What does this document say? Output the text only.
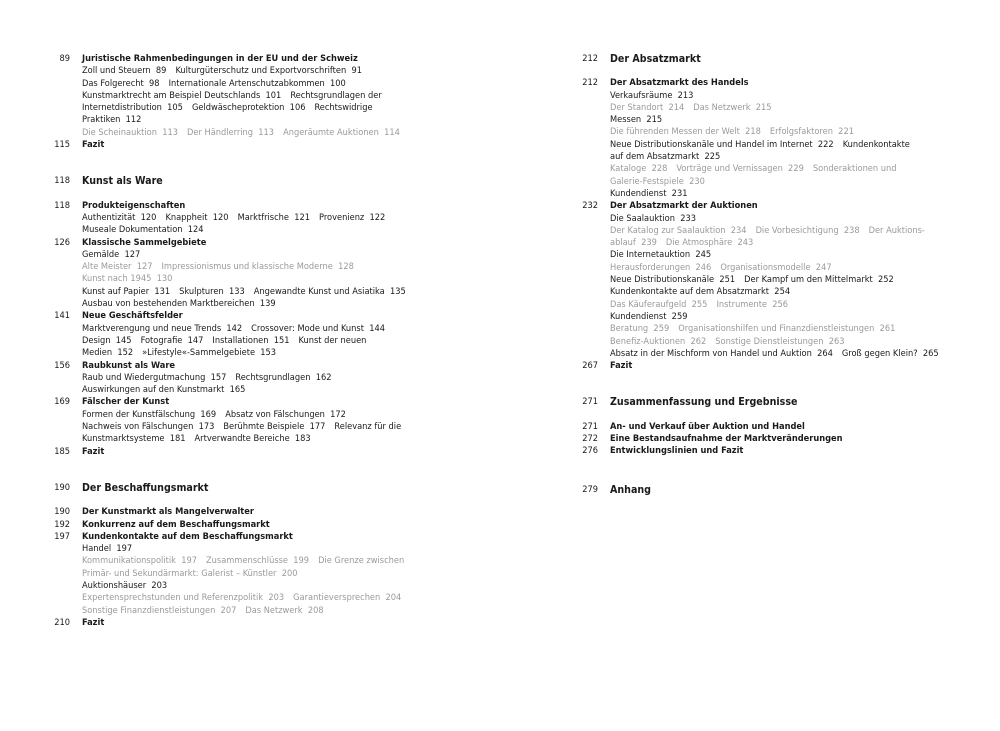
89	Juristische Rahmenbedingungen in der EU und der Schweiz
Zoll und Steuern  89 Kulturgüterschutz und Exportvorschriften  91
Das Folgerecht  98 Internationale Artenschutzabkommen  100
Kunstmarktrecht am Beispiel Deutschlands  101 Rechtsgrundlagen der
Internetdistribution  105 Geldwäscheprotektion  106 Rechtswidrige
Praktiken  112
Die Scheinauktion  113 Der Händlerring  113 Angeräumte Auktionen  114
115	Fazit
118	Kunst als Ware
118	Produkteigenschaften
Authentizität  120 Knappheit  120 Marktfrische  121 Provenienz  122
Museale Dokumentation  124
126	Klassische Sammelgebiete
Gemälde  127
Alte Meister  127 Impressionismus und klassische Moderne  128
Kunst nach 1945  130
Kunst auf Papier  131 Skulpturen  133 Angewandte Kunst und Asiatika  135
Ausbau von bestehenden Marktbereichen  139
141	Neue Geschäftsfelder
Marktverengung und neue Trends  142 Crossover: Mode und Kunst  144
Design  145 Fotografie  147 Installationen  151 Kunst der neuen
Medien  152 »Lifestyle«-Sammelgebiete  153
156	Raubkunst als Ware
Raub und Wiedergutmachung  157 Rechtsgrundlagen  162
Auswirkungen auf den Kunstmarkt  165
169	Fälscher der Kunst
Formen der Kunstfälschung  169 Absatz von Fälschungen  172
Nachweis von Fälschungen  173 Berühmte Beispiele  177 Relevanz für die
Kunstmarktsysteme  181 Artverwandte Bereiche  183
185	Fazit
190	Der Beschaffungsmarkt
190	Der Kunstmarkt als Mangelverwalter
192	Konkurrenz auf dem Beschaffungsmarkt
197	Kundenkontakte auf dem Beschaffungsmarkt
Handel  197
Kommunikationspolitik  197 Zusammenschlüsse  199 Die Grenze zwischen
Primär- und Sekundärmarkt: Galerist – Künstler  200
Auktionshäuser  203
Expertensprechstunden und Referenzpolitik  203 Garantieversprechen  204
Sonstige Finanzdienstleistungen  207 Das Netzwerk  208
210	Fazit
212	Der Absatzmarkt
212	Der Absatzmarkt des Handels
Verkaufsräume  213
Der Standort  214 Das Netzwerk  215
Messen  215
Die führenden Messen der Welt  218 Erfolgsfaktoren  221
Neue Distributionskanäle und Handel im Internet  222 Kundenkontakte
auf dem Absatzmarkt  225
Kataloge  228 Vorträge und Vernissagen  229 Sonderaktionen und
Galerie-Festspiele  230
Kundendienst  231
232	Der Absatzmarkt der Auktionen
Die Saalauktion  233
Der Katalog zur Saalauktion  234 Die Vorbesichtigung  238 Der Auktions-
ablauf  239 Die Atmosphäre  243
Die Internetauktion  245
Herausforderungen  246 Organisationsmodelle  247
Neue Distributionskanäle  251 Der Kampf um den Mittelmarkt  252
Kundenkontakte auf dem Absatzmarkt  254
Das Käuferaufgeld  255 Instrumente  256
Kundendienst  259
Beratung  259 Organisationshilfen und Finanzdienstleistungen  261
Benefiz-Auktionen  262 Sonstige Dienstleistungen  263
Absatz in der Mischform von Handel und Auktion  264 Groß gegen Klein?  265
267	Fazit
271	Zusammenfassung und Ergebnisse
271	An- und Verkauf über Auktion und Handel
272	Eine Bestandsaufnahme der Marktveränderungen
276	Entwicklungslinien und Fazit
279	Anhang
